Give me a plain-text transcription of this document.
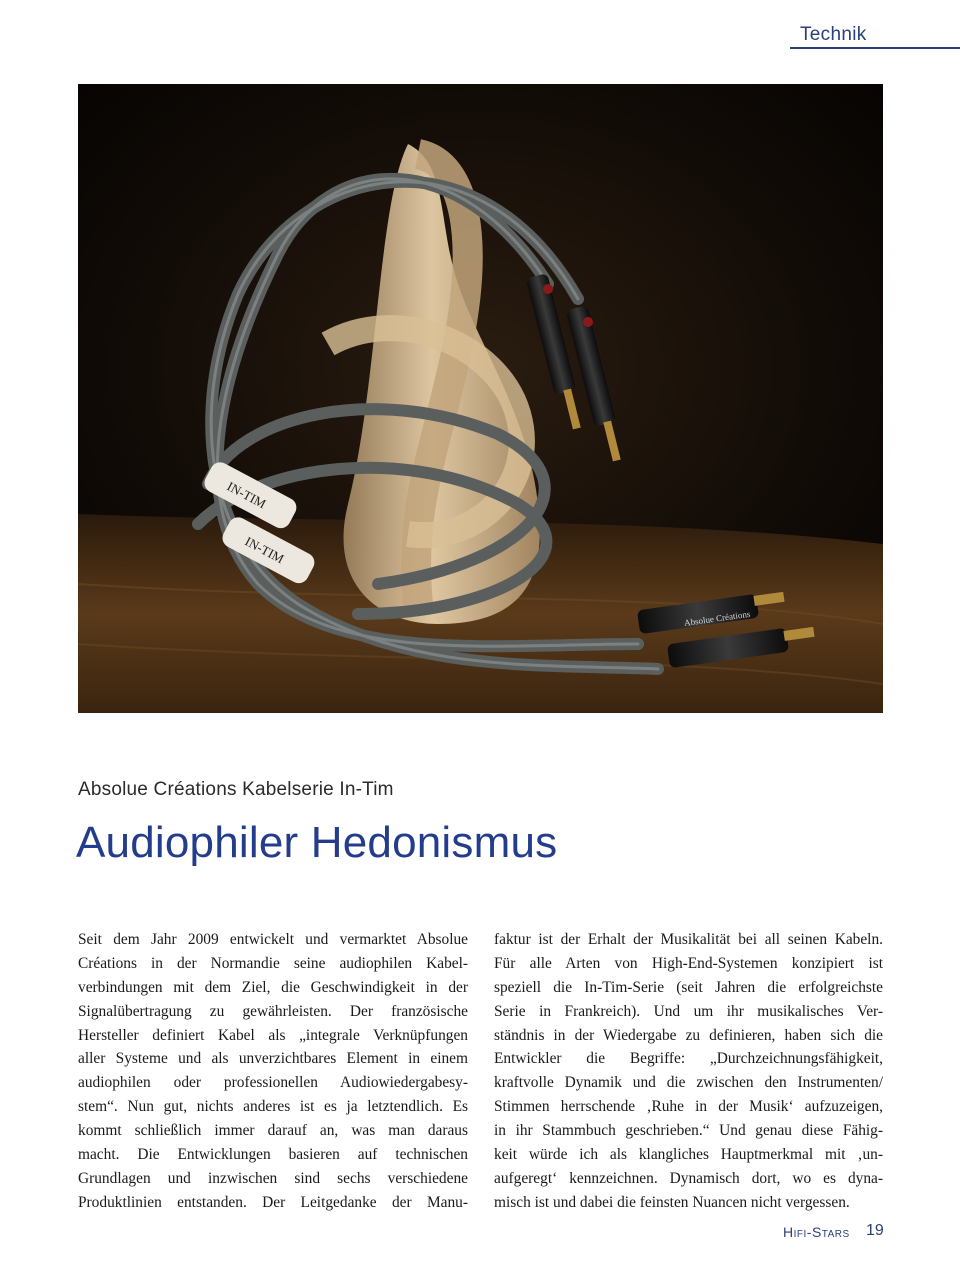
Technik
Absolue Créations
IN-TIM
IN-TIM
Absolue Créations Kabelserie In-Tim
Audiophiler Hedonismus
Seit dem Jahr 2009 entwickelt und vermarktet Absolue
Créations in der Normandie seine audiophilen Kabel-
verbindungen mit dem Ziel, die Geschwindigkeit in der
Signalübertragung zu gewährleisten. Der französische
Hersteller definiert Kabel als „integrale Verknüpfungen
aller Systeme und als unverzichtbares Element in einem
audiophilen oder professionellen Audiowiedergabesy-
stem“. Nun gut, nichts anderes ist es ja letztendlich. Es
kommt schließlich immer darauf an, was man daraus
macht. Die Entwicklungen basieren auf technischen
Grundlagen und inzwischen sind sechs verschiedene
Produktlinien entstanden. Der Leitgedanke der Manu-
faktur ist der Erhalt der Musikalität bei all seinen Kabeln.
Für alle Arten von High-End-Systemen konzipiert ist
speziell die In-Tim-Serie (seit Jahren die erfolgreichste
Serie in Frankreich). Und um ihr musikalisches Ver-
ständnis in der Wiedergabe zu definieren, haben sich die
Entwickler die Begriffe: „Durchzeichnungsfähigkeit,
kraftvolle Dynamik und die zwischen den Instrumenten/
Stimmen herrschende ‚Ruhe in der Musik‘ aufzuzeigen,
in ihr Stammbuch geschrieben.“ Und genau diese Fähig-
keit würde ich als klangliches Hauptmerkmal mit ‚un-
aufgeregt‘ kennzeichnen. Dynamisch dort, wo es dyna-
misch ist und dabei die feinsten Nuancen nicht vergessen.
Hifi-Stars 19
